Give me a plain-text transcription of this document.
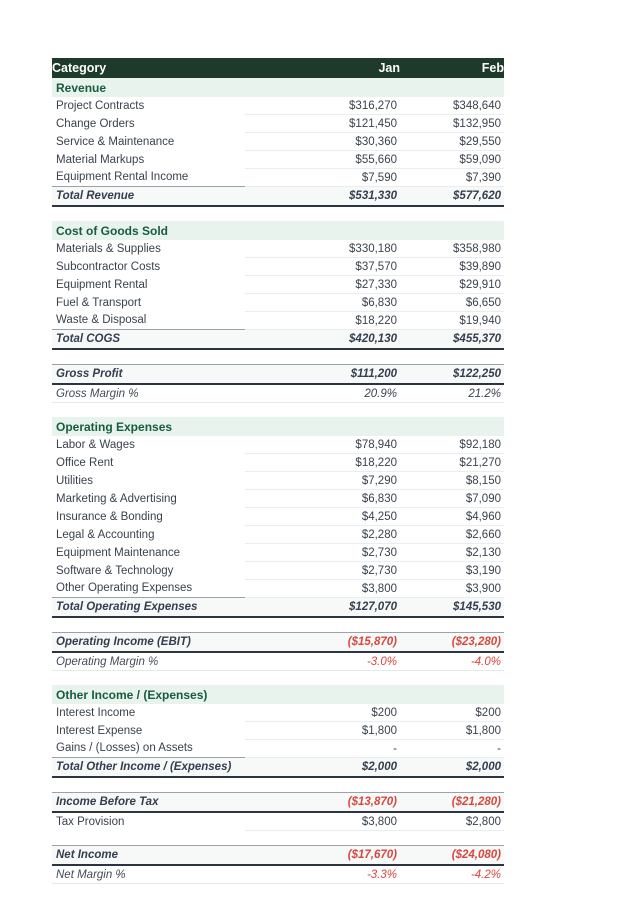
Category	Jan	Feb
Revenue		
Project Contracts	$316,270	$348,640
Change Orders	$121,450	$132,950
Service & Maintenance	$30,360	$29,550
Material Markups	$55,660	$59,090
Equipment Rental Income	$7,590	$7,390
Total Revenue	$531,330	$577,620

Cost of Goods Sold		
Materials & Supplies	$330,180	$358,980
Subcontractor Costs	$37,570	$39,890
Equipment Rental	$27,330	$29,910
Fuel & Transport	$6,830	$6,650
Waste & Disposal	$18,220	$19,940
Total COGS	$420,130	$455,370

Gross Profit	$111,200	$122,250
Gross Margin %	20.9%	21.2%

Operating Expenses		
Labor & Wages	$78,940	$92,180
Office Rent	$18,220	$21,270
Utilities	$7,290	$8,150
Marketing & Advertising	$6,830	$7,090
Insurance & Bonding	$4,250	$4,960
Legal & Accounting	$2,280	$2,660
Equipment Maintenance	$2,730	$2,130
Software & Technology	$2,730	$3,190
Other Operating Expenses	$3,800	$3,900
Total Operating Expenses	$127,070	$145,530

Operating Income (EBIT)	($15,870)	($23,280)
Operating Margin %	-3.0%	-4.0%

Other Income / (Expenses)		
Interest Income	$200	$200
Interest Expense	$1,800	$1,800
Gains / (Losses) on Assets	-	-
Total Other Income / (Expenses)	$2,000	$2,000

Income Before Tax	($13,870)	($21,280)
Tax Provision	$3,800	$2,800

Net Income	($17,670)	($24,080)
Net Margin %	-3.3%	-4.2%
